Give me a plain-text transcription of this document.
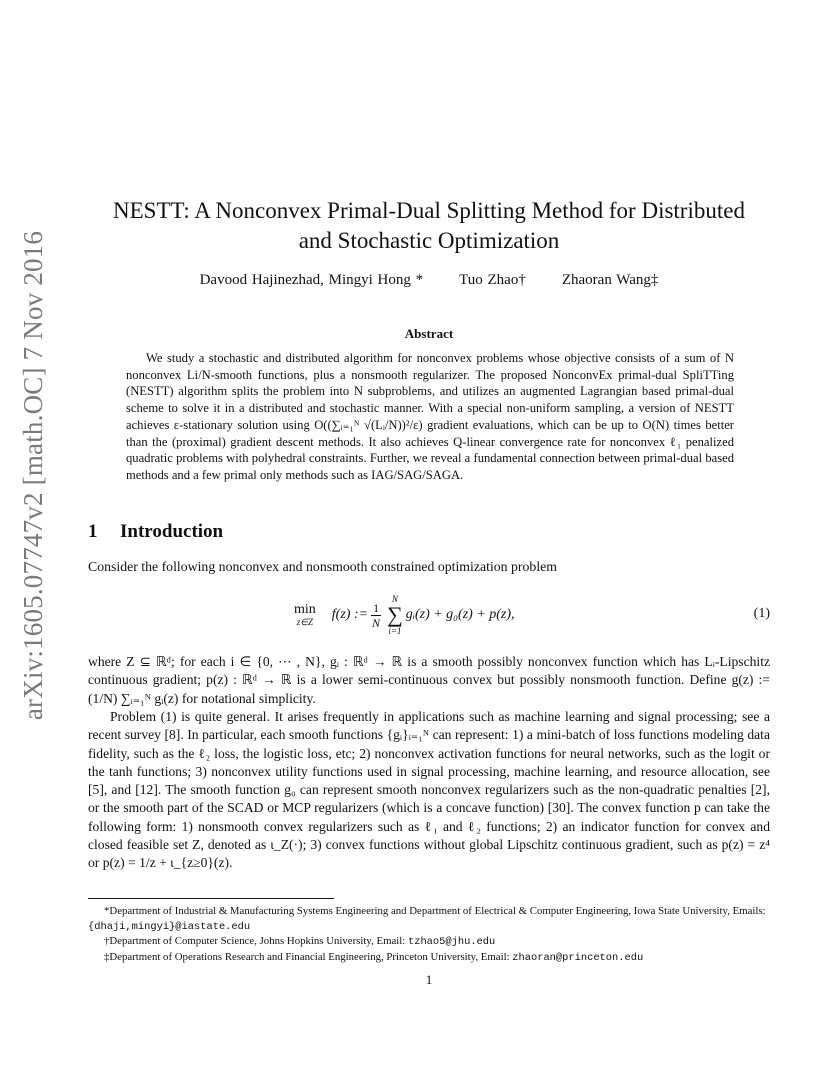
arXiv:1605.07747v2 [math.OC] 7 Nov 2016
NESTT: A Nonconvex Primal-Dual Splitting Method for Distributed
and Stochastic Optimization
Davood Hajinezhad, Mingyi Hong * Tuo Zhao† Zhaoran Wang‡
Abstract
We study a stochastic and distributed algorithm for nonconvex problems whose objective consists of a sum of N nonconvex Li/N-smooth functions, plus a nonsmooth regularizer. The proposed NonconvEx primal-dual SpliTTing (NESTT) algorithm splits the problem into N subproblems, and utilizes an augmented Lagrangian based primal-dual scheme to solve it in a distributed and stochastic manner. With a special non-uniform sampling, a version of NESTT achieves ε-stationary solution using O((∑ᵢ₌₁ᴺ √(Lᵢ/N))²/ε) gradient evaluations, which can be up to O(N) times better than the (proximal) gradient descent methods. It also achieves Q-linear convergence rate for nonconvex ℓ₁ penalized quadratic problems with polyhedral constraints. Further, we reveal a fundamental connection between primal-dual based methods and a few primal only methods such as IAG/SAG/SAGA.
1 Introduction
Consider the following nonconvex and nonsmooth constrained optimization problem
min
z∈Z f(z) := $\frac{1}{N}$
N
∑
i=1
gᵢ(z) + g₀(z) + p(z),	(1)
where Z ⊆ ℝᵈ; for each i ∈ {0, ⋯ , N}, gᵢ : ℝᵈ → ℝ is a smooth possibly nonconvex function which has Lᵢ-Lipschitz continuous gradient; p(z) : ℝᵈ → ℝ is a lower semi-continuous convex but possibly nonsmooth function. Define g(z) := (1/N) ∑ᵢ₌₁ᴺ gᵢ(z) for notational simplicity.
Problem (1) is quite general. It arises frequently in applications such as machine learning and signal processing; see a recent survey [8]. In particular, each smooth functions {gᵢ}ᵢ₌₁ᴺ can represent: 1) a mini-batch of loss functions modeling data fidelity, such as the ℓ₂ loss, the logistic loss, etc; 2) nonconvex activation functions for neural networks, such as the logit or the tanh functions; 3) nonconvex utility functions used in signal processing, machine learning, and resource allocation, see [5], and [12]. The smooth function g₀ can represent smooth nonconvex regularizers such as the non-quadratic penalties [2], or the smooth part of the SCAD or MCP regularizers (which is a concave function) [30]. The convex function p can take the following form: 1) nonsmooth convex regularizers such as ℓ₁ and ℓ₂ functions; 2) an indicator function for convex and closed feasible set Z, denoted as ι_Z(·); 3) convex functions without global Lipschitz continuous gradient, such as p(z) = z⁴ or p(z) = 1/z + ι_{z≥0}(z).

*Department of Industrial & Manufacturing Systems Engineering and Department of Electrical & Computer Engineering, Iowa State University, Emails: {dhaji,mingyi}@iastate.edu

†Department of Computer Science, Johns Hopkins University, Email: tzhao5@jhu.edu

‡Department of Operations Research and Financial Engineering, Princeton University, Email: zhaoran@princeton.edu

1
